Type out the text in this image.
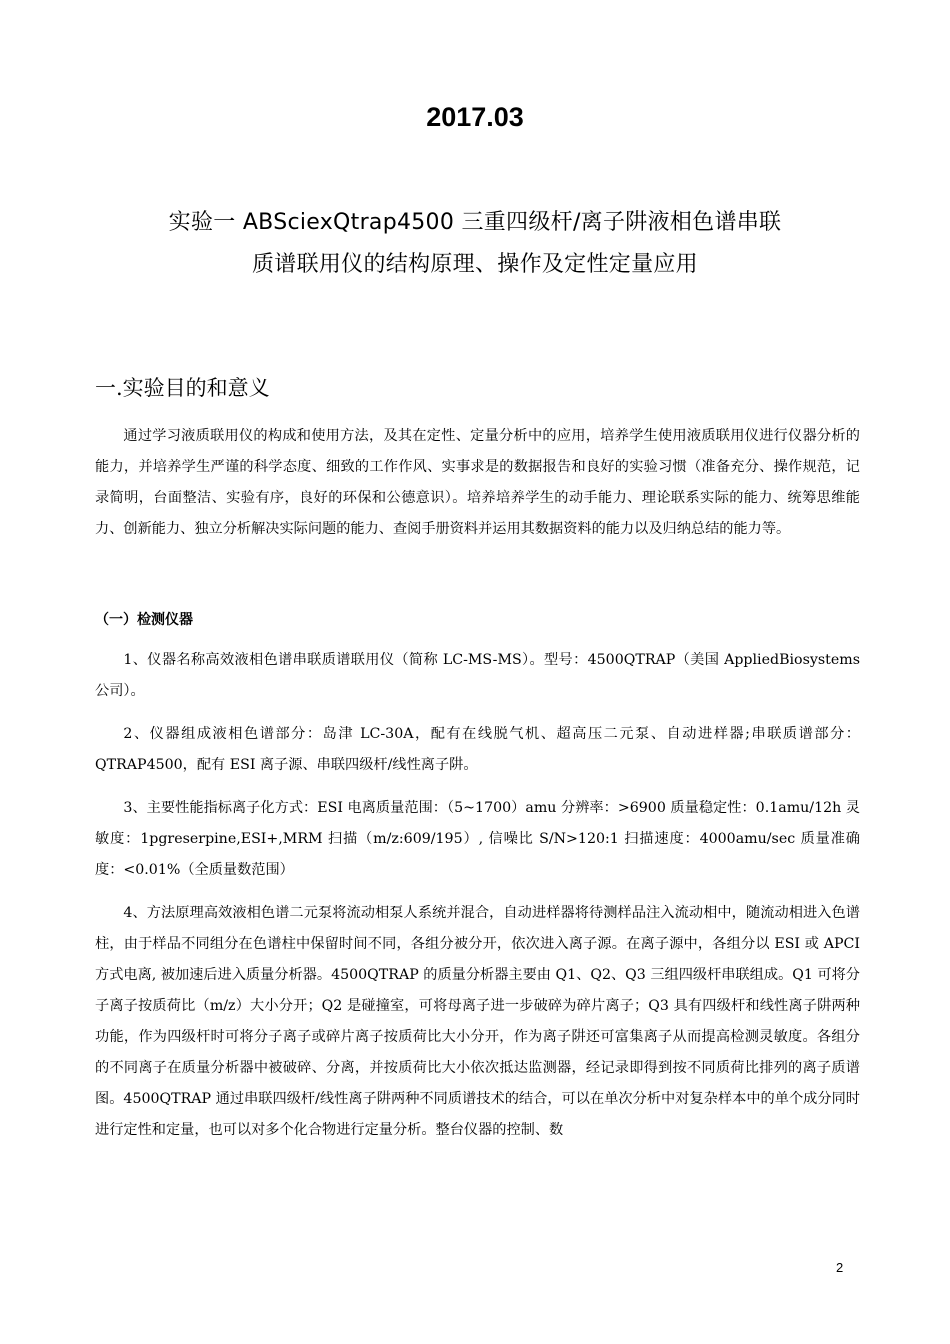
2017.03
实验一 ABSciexQtrap4500 三重四级杆/离子阱液相色谱串联
质谱联用仪的结构原理、操作及定性定量应用
一.实验目的和意义

通过学习液质联用仪的构成和使用方法，及其在定性、定量分析中的应用，培养学生使用液质联用仪进行仪器分析的能力，并培养学生严谨的科学态度、细致的工作作风、实事求是的数据报告和良好的实验习惯（准备充分、操作规范，记录简明，台面整洁、实验有序，良好的环保和公德意识）。培养培养学生的动手能力、理论联系实际的能力、统筹思维能力、创新能力、独立分析解决实际问题的能力、查阅手册资料并运用其数据资料的能力以及归纳总结的能力等。

（一）检测仪器

1、仪器名称高效液相色谱串联质谱联用仪（简称 LC-MS-MS）。型号：4500QTRAP（美国 AppliedBiosystems 公司）。

2、仪器组成液相色谱部分：岛津 LC-30A，配有在线脱气机、超高压二元泵、自动进样器;串联质谱部分：QTRAP4500，配有 ESI 离子源、串联四级杆/线性离子阱。

3、主要性能指标离子化方式：ESI 电离质量范围：（5~1700）amu 分辨率：>6900 质量稳定性：0.1amu/12h 灵敏度：1pgreserpine,ESI+,MRM 扫描（m/z:609/195）, 信噪比 S/N>120:1 扫描速度：4000amu/sec 质量准确度：<0.01%（全质量数范围）

4、方法原理高效液相色谱二元泵将流动相泵人系统并混合，自动进样器将待测样品注入流动相中，随流动相进入色谱柱，由于样品不同组分在色谱柱中保留时间不同，各组分被分开，依次进入离子源。在离子源中，各组分以 ESI 或 APCI 方式电离, 被加速后进入质量分析器。4500QTRAP 的质量分析器主要由 Q1、Q2、Q3 三组四级杆串联组成。Q1 可将分子离子按质荷比（m/z）大小分开；Q2 是碰撞室，可将母离子进一步破碎为碎片离子；Q3 具有四级杆和线性离子阱两种功能，作为四级杆时可将分子离子或碎片离子按质荷比大小分开，作为离子阱还可富集离子从而提高检测灵敏度。各组分的不同离子在质量分析器中被破碎、分离，并按质荷比大小依次抵达监测器，经记录即得到按不同质荷比排列的离子质谱图。4500QTRAP 通过串联四级杆/线性离子阱两种不同质谱技术的结合，可以在单次分析中对复杂样本中的单个成分同时进行定性和定量，也可以对多个化合物进行定量分析。整台仪器的控制、数

2
